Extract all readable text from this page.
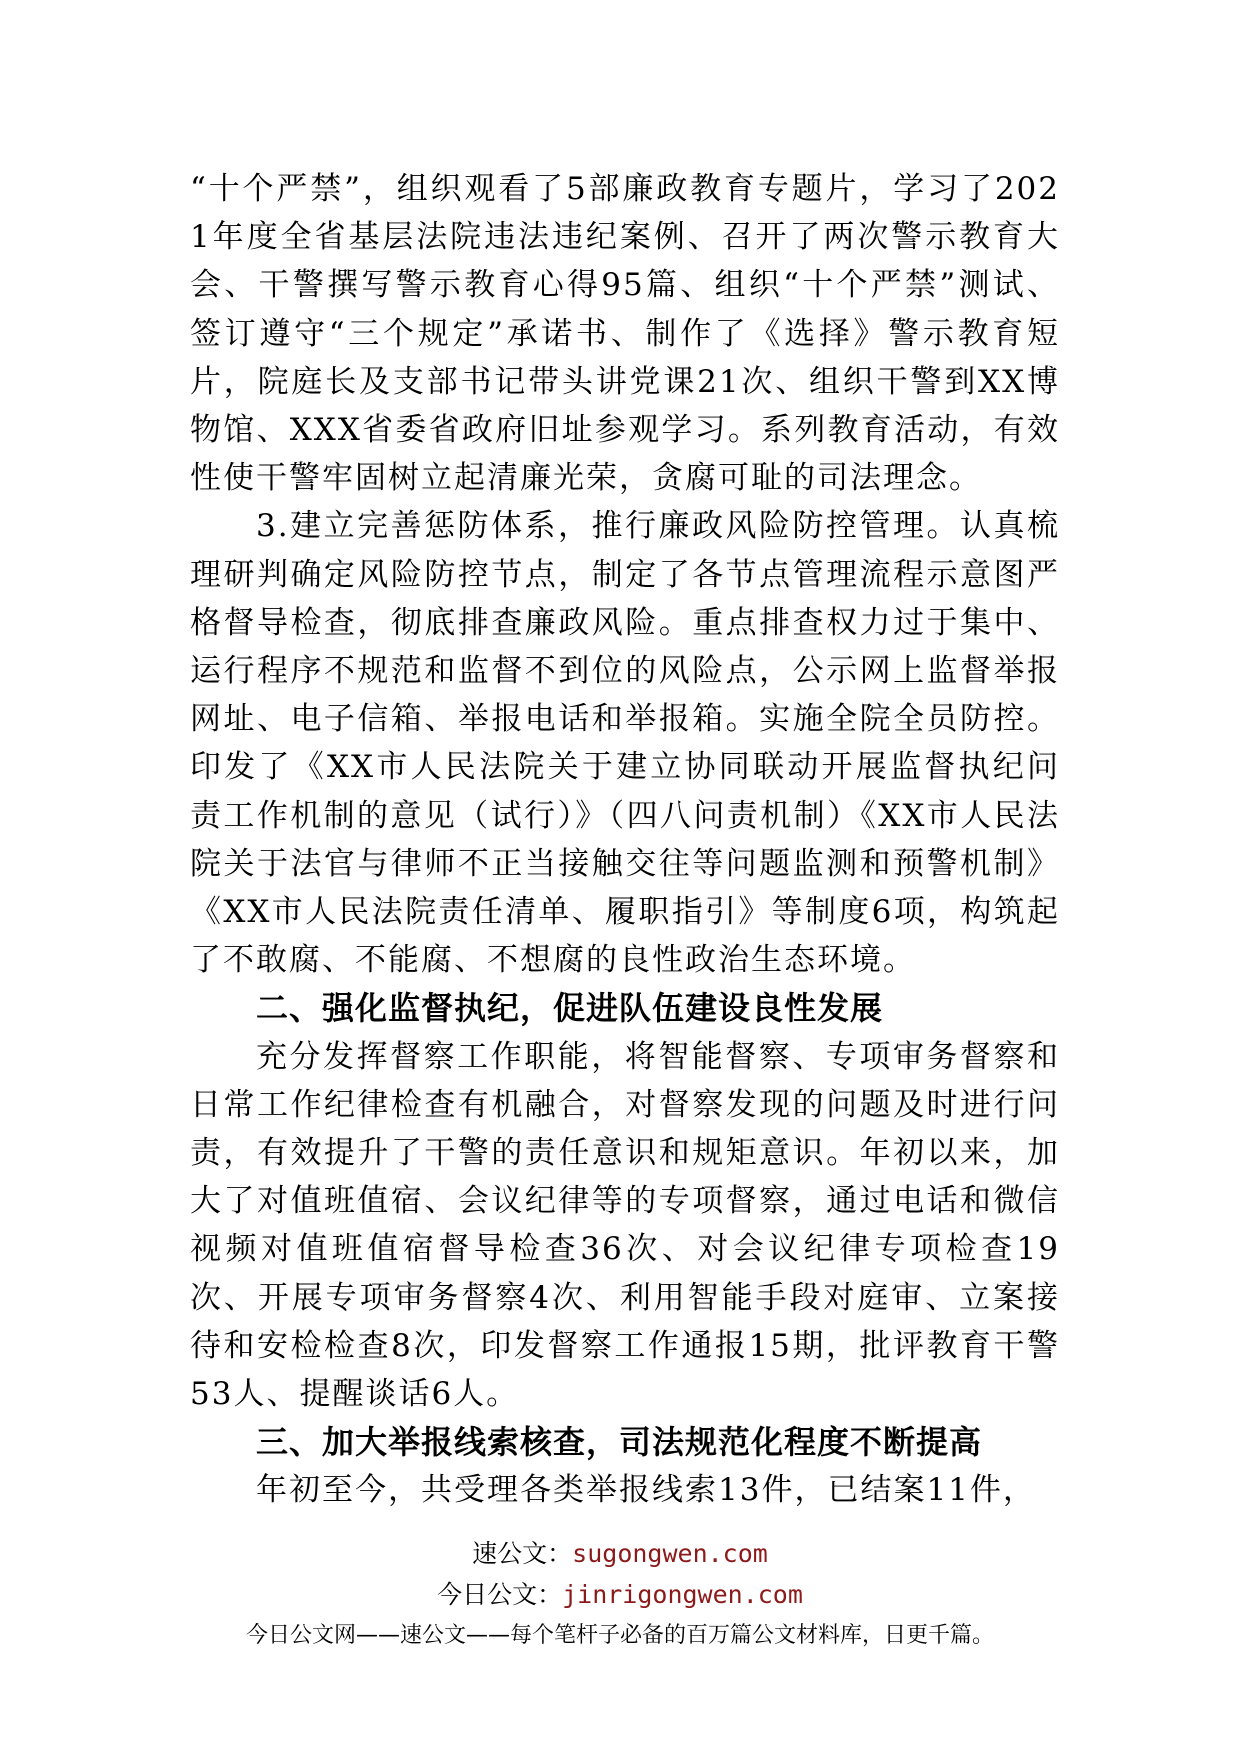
“十个严禁”，组织观看了5部廉政教育专题片，学习了2021年度全省基层法院违法违纪案例、召开了两次警示教育大会、干警撰写警示教育心得95篇、组织“十个严禁”测试、签订遵守“三个规定”承诺书、制作了《选择》警示教育短片，院庭长及支部书记带头讲党课21次、组织干警到XX博物馆、XXX省委省政府旧址参观学习。系列教育活动，有效性使干警牢固树立起清廉光荣，贪腐可耻的司法理念。

3.建立完善惩防体系，推行廉政风险防控管理。认真梳理研判确定风险防控节点，制定了各节点管理流程示意图严格督导检查，彻底排查廉政风险。重点排查权力过于集中、运行程序不规范和监督不到位的风险点，公示网上监督举报网址、电子信箱、举报电话和举报箱。实施全院全员防控。印发了《XX市人民法院关于建立协同联动开展监督执纪问责工作机制的意见（试行）》（四八问责机制）《XX市人民法院关于法官与律师不正当接触交往等问题监测和预警机制》《XX市人民法院责任清单、履职指引》等制度6项，构筑起了不敢腐、不能腐、不想腐的良性政治生态环境。

二、强化监督执纪，促进队伍建设良性发展

充分发挥督察工作职能，将智能督察、专项审务督察和日常工作纪律检查有机融合，对督察发现的问题及时进行问责，有效提升了干警的责任意识和规矩意识。年初以来，加大了对值班值宿、会议纪律等的专项督察，通过电话和微信视频对值班值宿督导检查36次、对会议纪律专项检查19次、开展专项审务督察4次、利用智能手段对庭审、立案接待和安检检查8次，印发督察工作通报15期，批评教育干警53人、提醒谈话6人。

三、加大举报线索核查，司法规范化程度不断提高

年初至今，共受理各类举报线索13件，已结案11件，

速公文：sugongwen.com
今日公文：jinrigongwen.com
今日公文网——速公文——每个笔杆子必备的百万篇公文材料库，日更千篇。
